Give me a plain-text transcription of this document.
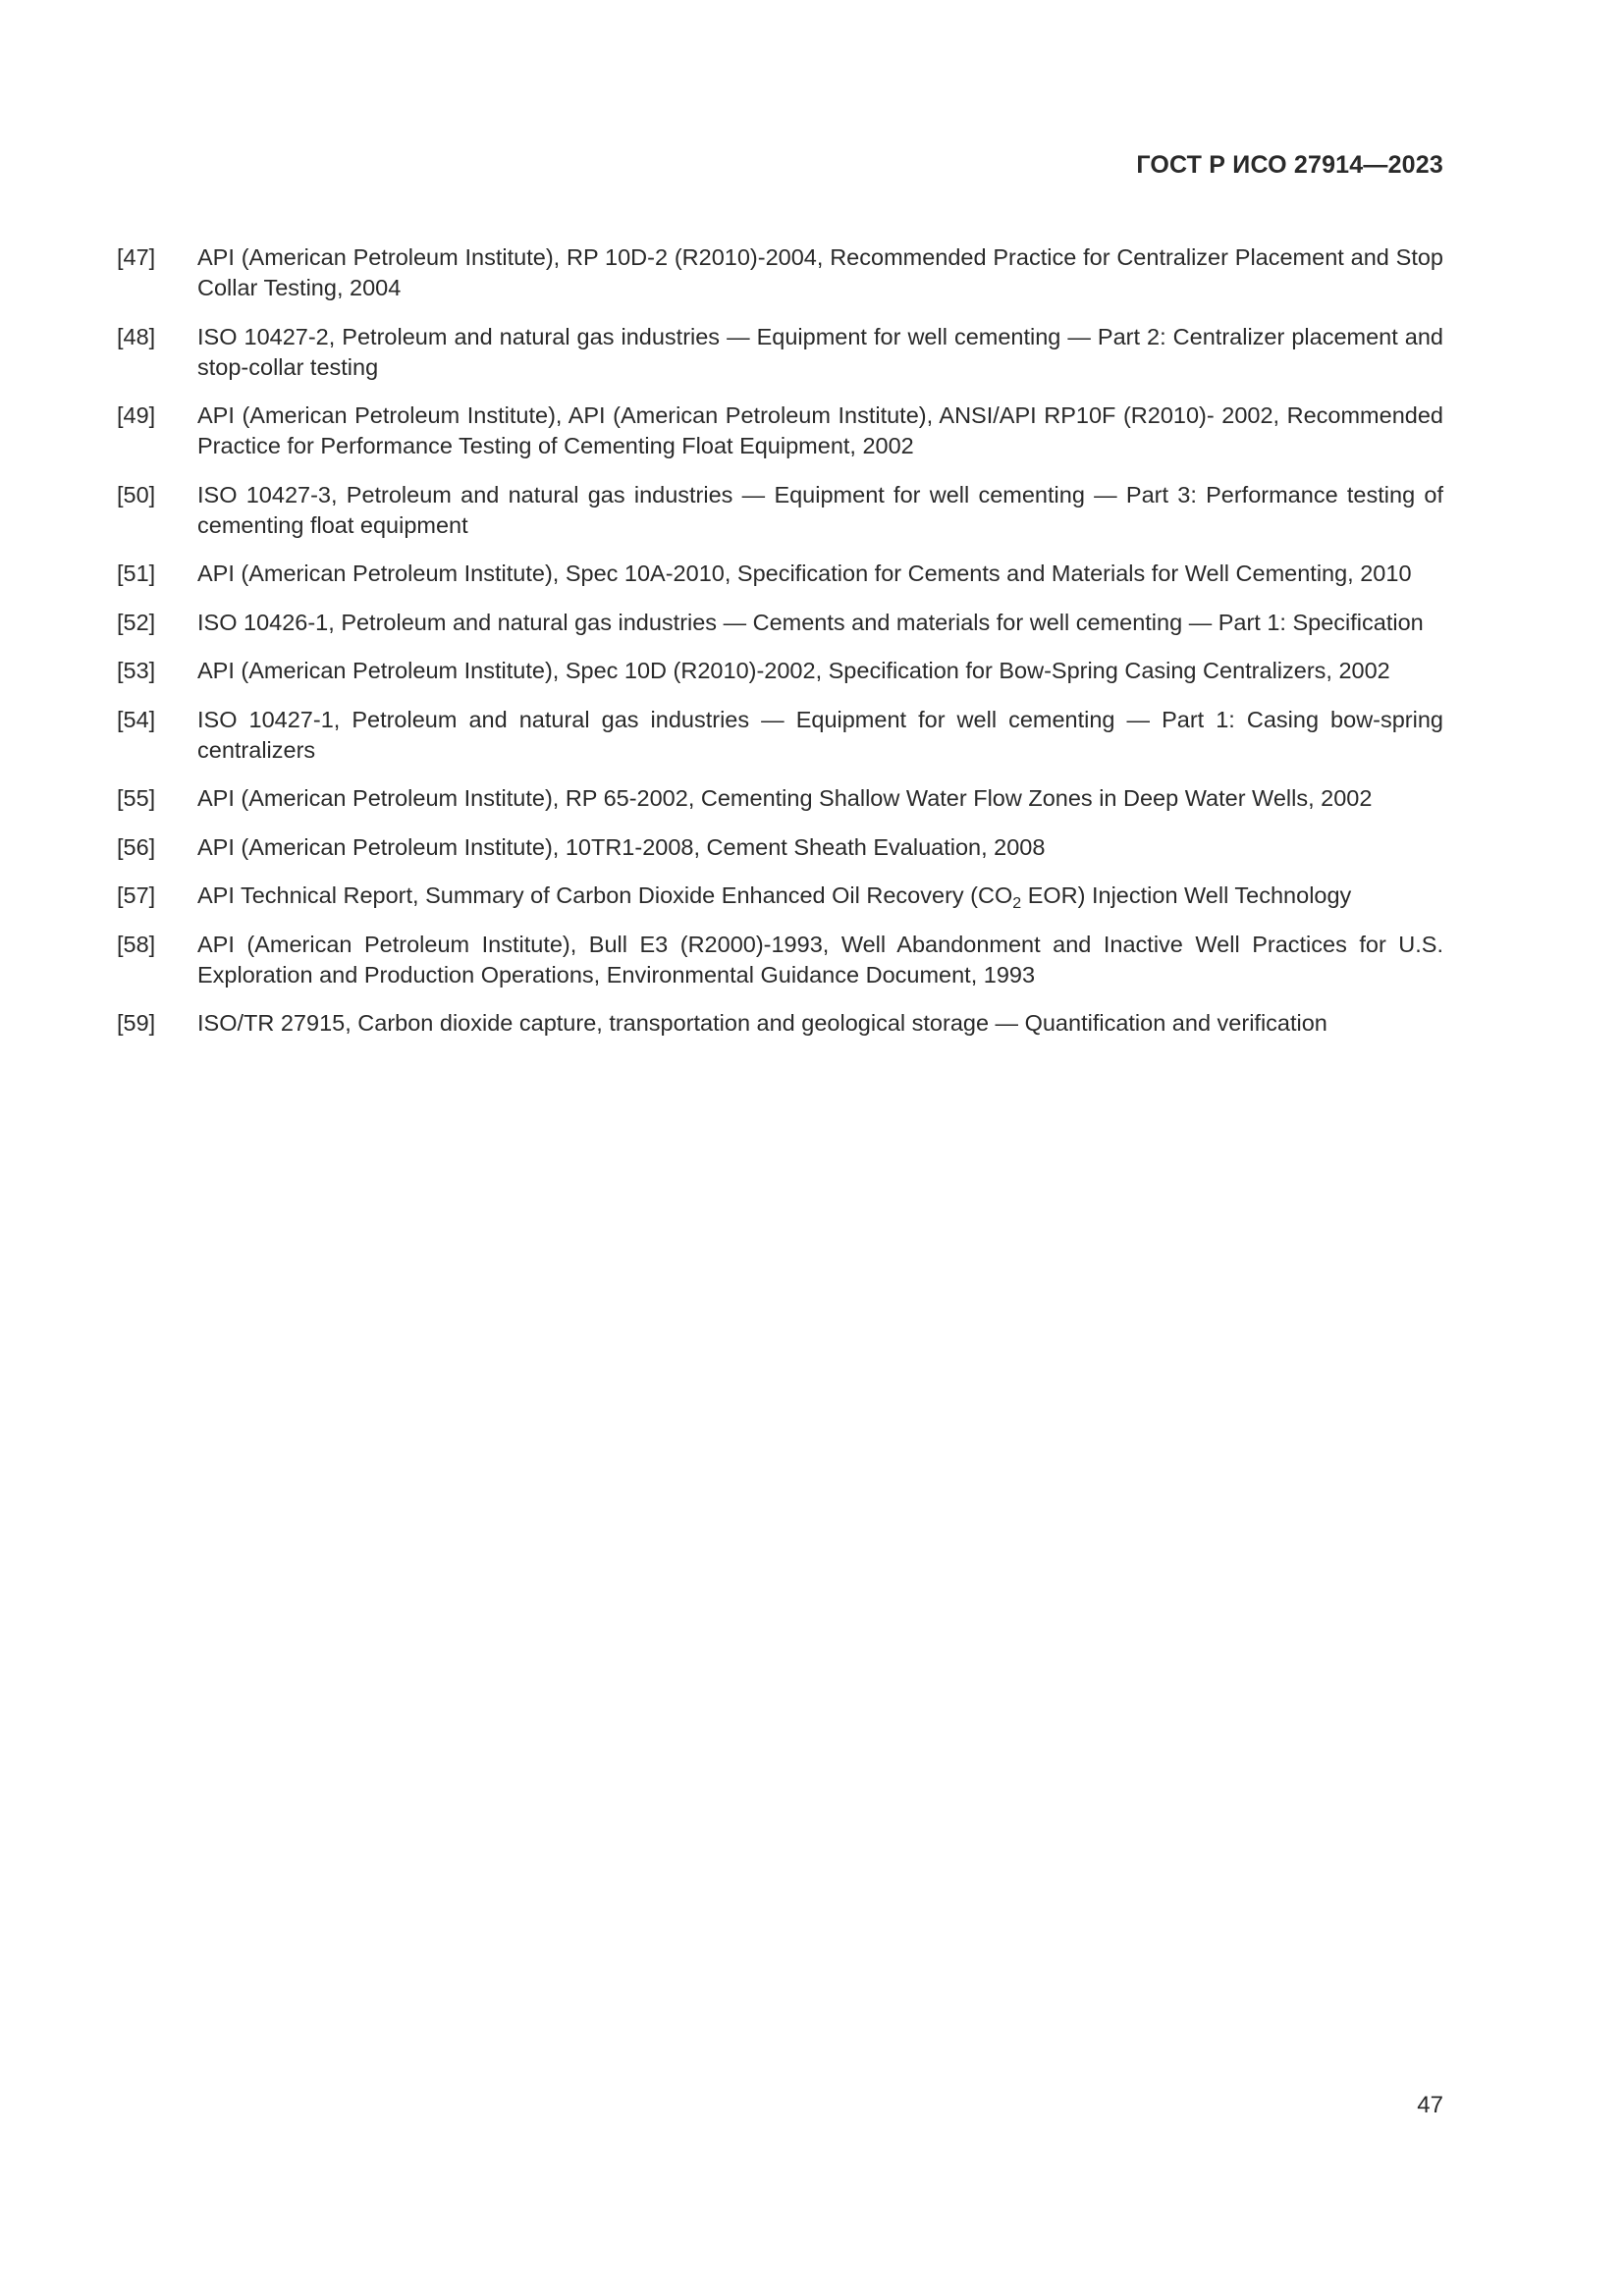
ГОСТ Р ИСО 27914—2023
[47]	API (American Petroleum Institute), RP 10D-2 (R2010)-2004, Recommended Practice for Centralizer Placement and Stop Collar Testing, 2004
[48]	ISO 10427-2, Petroleum and natural gas industries — Equipment for well cementing — Part 2: Centralizer placement and stop-collar testing
[49]	API (American Petroleum Institute), API (American Petroleum Institute), ANSI/API RP10F (R2010)- 2002, Recommended Practice for Performance Testing of Cementing Float Equipment, 2002
[50]	ISO 10427-3, Petroleum and natural gas industries — Equipment for well cementing — Part 3: Performance testing of cementing float equipment
[51]	API (American Petroleum Institute), Spec 10A-2010, Specification for Cements and Materials for Well Cementing, 2010
[52]	ISO 10426-1, Petroleum and natural gas industries — Cements and materials for well cementing — Part 1: Specification
[53]	API (American Petroleum Institute), Spec 10D (R2010)-2002, Specification for Bow-Spring Casing Centralizers, 2002
[54]	ISO 10427-1, Petroleum and natural gas industries — Equipment for well cementing — Part 1: Casing bow-spring centralizers
[55]	API (American Petroleum Institute), RP 65-2002, Cementing Shallow Water Flow Zones in Deep Water Wells, 2002
[56]	API (American Petroleum Institute), 10TR1-2008, Cement Sheath Evaluation, 2008
[57]	API Technical Report, Summary of Carbon Dioxide Enhanced Oil Recovery ($CO_2$ EOR) Injection Well Technology
[58]	API (American Petroleum Institute), Bull E3 (R2000)-1993, Well Abandonment and Inactive Well Practices for U.S. Exploration and Production Operations, Environmental Guidance Document, 1993
[59]	ISO/TR 27915, Carbon dioxide capture, transportation and geological storage — Quantification and verification
47
